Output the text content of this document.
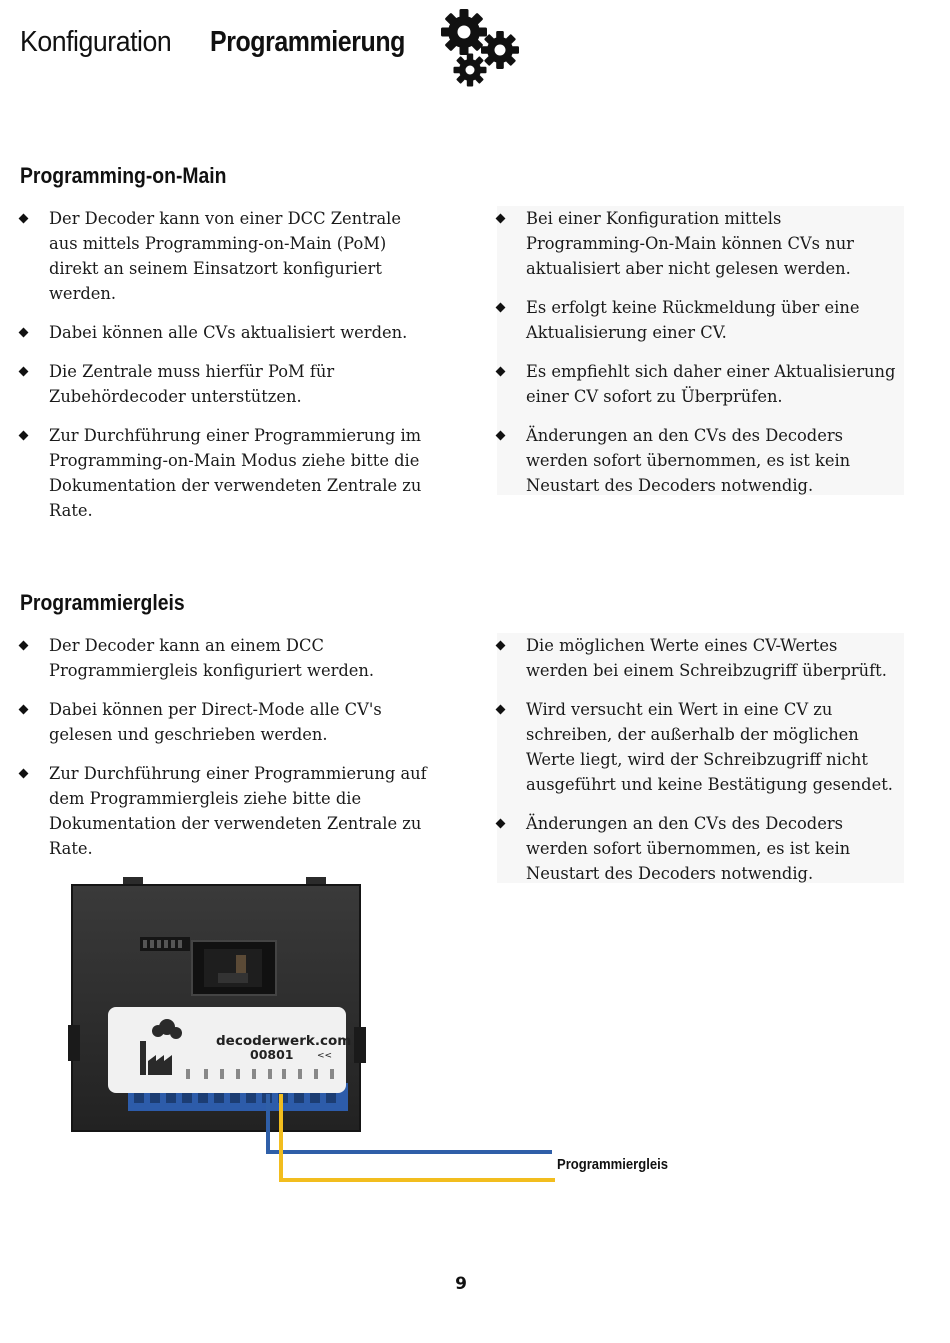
Konfiguration Programmierung
Programming-on-Main
Der Decoder kann von einer DCC Zentrale aus mittels Programming-on-Main (PoM) direkt an seinem Einsatzort konfiguriert werden.
Dabei können alle CVs aktualisiert werden.
Die Zentrale muss hierfür PoM für Zubehördecoder unterstützen.
Zur Durchführung einer Programmierung im Programming-on-Main Modus ziehe bitte die Dokumentation der verwendeten Zentrale zu Rate.
Bei einer Konfiguration mittels Programming-On-Main können CVs nur aktualisiert aber nicht gelesen werden.
Es erfolgt keine Rückmeldung über eine Aktualisierung einer CV.
Es empfiehlt sich daher einer Aktualisierung einer CV sofort zu Überprüfen.
Änderungen an den CVs des Decoders werden sofort übernommen, es ist kein Neustart des Decoders notwendig.
Programmiergleis
Der Decoder kann an einem DCC Programmiergleis konfiguriert werden.
Dabei können per Direct-Mode alle CV's gelesen und geschrieben werden.
Zur Durchführung einer Programmierung auf dem Programmiergleis ziehe bitte die Dokumentation der verwendeten Zentrale zu Rate.
Die möglichen Werte eines CV-Wertes werden bei einem Schreibzugriff überprüft.
Wird versucht ein Wert in eine CV zu schreiben, der außerhalb der möglichen Werte liegt, wird der Schreibzugriff nicht ausgeführt und keine Bestätigung gesendet.
Änderungen an den CVs des Decoders werden sofort übernommen, es ist kein Neustart des Decoders notwendig.
decoderwerk.com
00801	<<
Programmiergleis
9
